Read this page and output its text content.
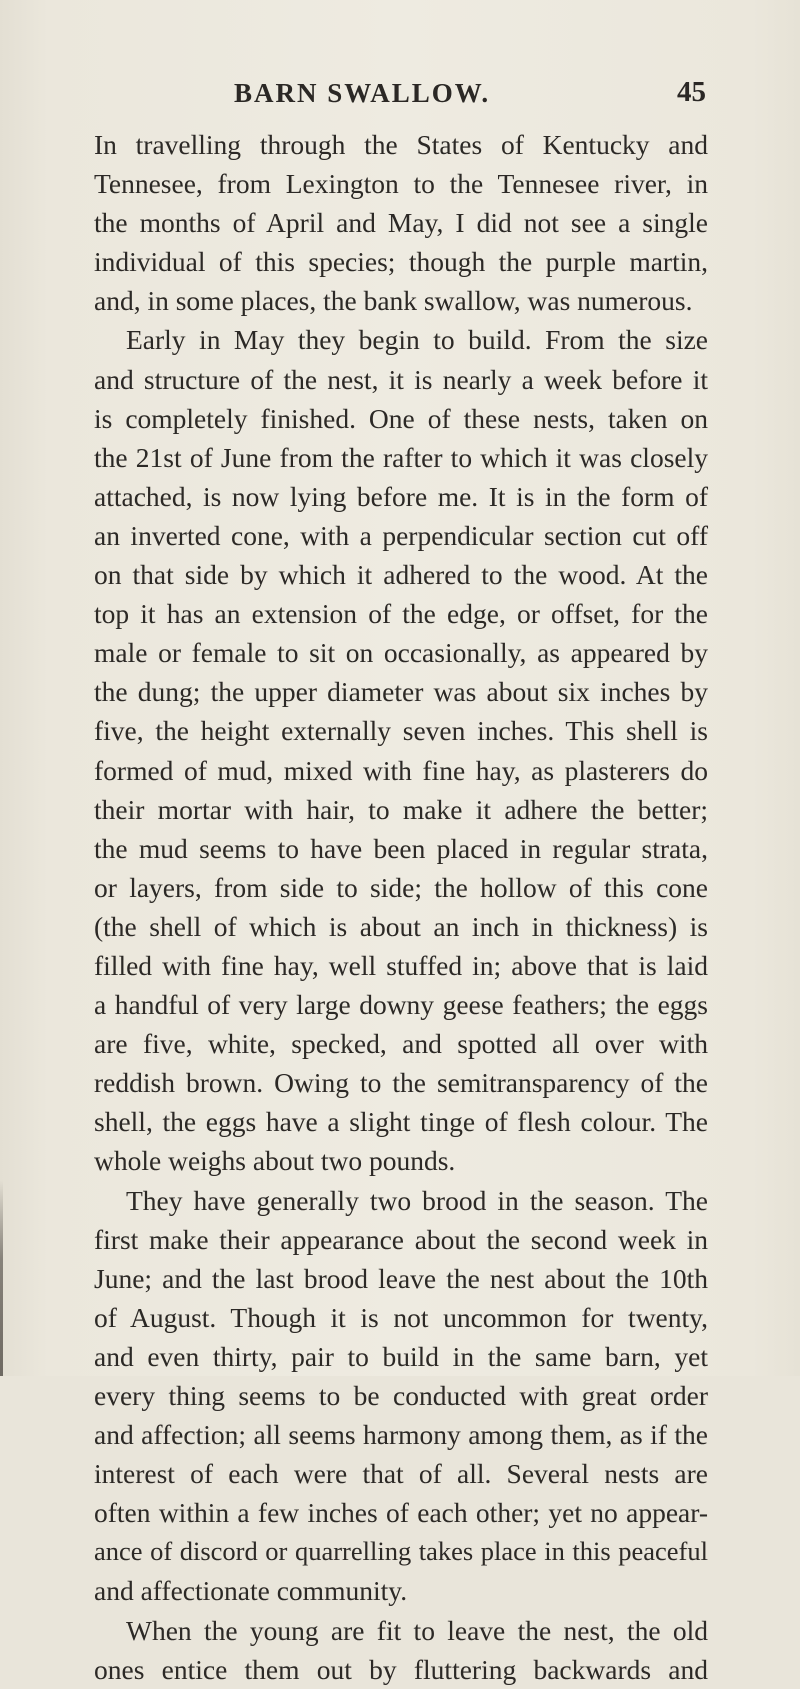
BARN SWALLOW.	45
In travelling through the States of Kentucky and
Tennesee, from Lexington to the Tennesee river, in
the months of April and May, I did not see a single
individual of this species; though the purple martin,
and, in some places, the bank swallow, was numerous.
Early in May they begin to build. From the size
and structure of the nest, it is nearly a week before it
is completely finished. One of these nests, taken on
the 21st of June from the rafter to which it was closely
attached, is now lying before me. It is in the form of
an inverted cone, with a perpendicular section cut off
on that side by which it adhered to the wood. At the
top it has an extension of the edge, or offset, for the
male or female to sit on occasionally, as appeared by
the dung; the upper diameter was about six inches by
five, the height externally seven inches. This shell is
formed of mud, mixed with fine hay, as plasterers do
their mortar with hair, to make it adhere the better;
the mud seems to have been placed in regular strata,
or layers, from side to side; the hollow of this cone
(the shell of which is about an inch in thickness) is
filled with fine hay, well stuffed in; above that is laid
a handful of very large downy geese feathers; the eggs
are five, white, specked, and spotted all over with
reddish brown. Owing to the semitransparency of the
shell, the eggs have a slight tinge of flesh colour. The
whole weighs about two pounds.
They have generally two brood in the season. The
first make their appearance about the second week in
June; and the last brood leave the nest about the 10th
of August. Though it is not uncommon for twenty,
and even thirty, pair to build in the same barn, yet
every thing seems to be conducted with great order
and affection; all seems harmony among them, as if the
interest of each were that of all. Several nests are
often within a few inches of each other; yet no appear-
ance of discord or quarrelling takes place in this peaceful
and affectionate community.
When the young are fit to leave the nest, the old
ones entice them out by fluttering backwards and
